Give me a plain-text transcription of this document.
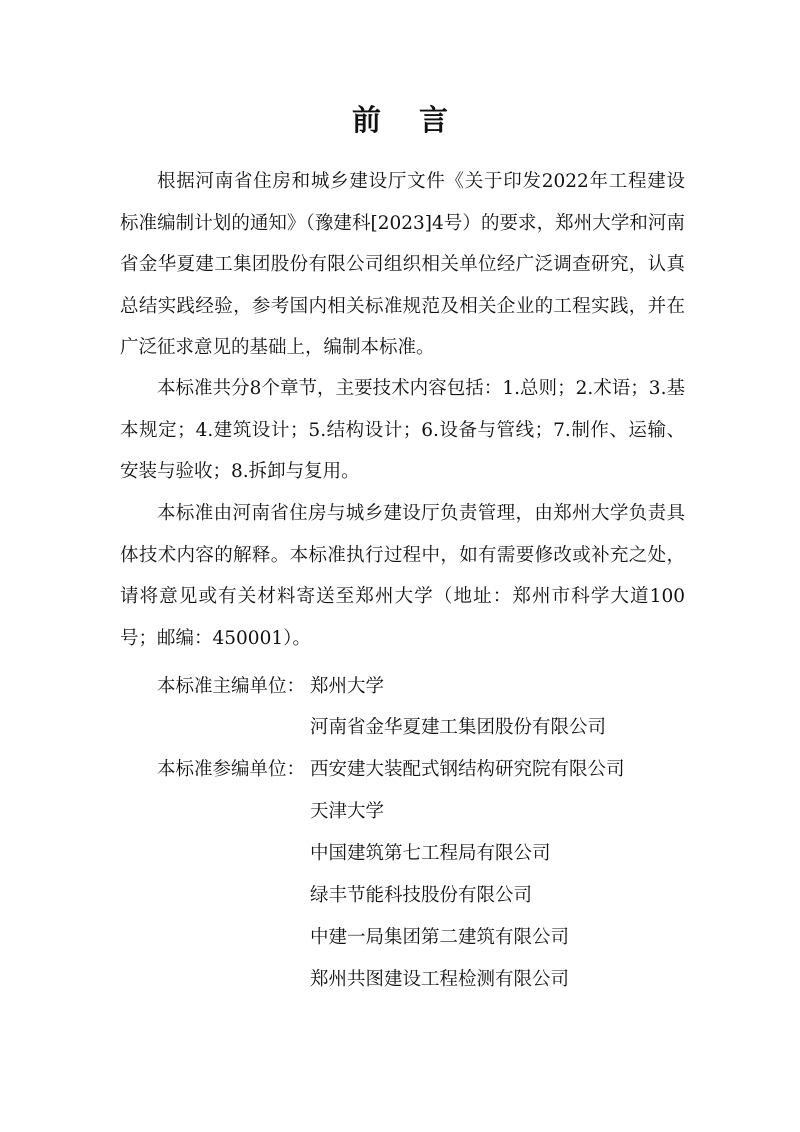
前 言

根据河南省住房和城乡建设厅文件《关于印发2022年工程建设标准编制计划的通知》（豫建科[2023]4号）的要求，郑州大学和河南省金华夏建工集团股份有限公司组织相关单位经广泛调查研究，认真总结实践经验，参考国内相关标准规范及相关企业的工程实践，并在广泛征求意见的基础上，编制本标准。

本标准共分8个章节，主要技术内容包括：1.总则；2.术语；3.基本规定；4.建筑设计；5.结构设计；6.设备与管线；7.制作、运输、安装与验收；8.拆卸与复用。

本标准由河南省住房与城乡建设厅负责管理，由郑州大学负责具体技术内容的解释。本标准执行过程中，如有需要修改或补充之处，请将意见或有关材料寄送至郑州大学（地址：郑州市科学大道100号；邮编：450001）。

本标准主编单位： 郑州大学
河南省金华夏建工集团股份有限公司
本标准参编单位： 西安建大装配式钢结构研究院有限公司
天津大学
中国建筑第七工程局有限公司
绿丰节能科技股份有限公司
中建一局集团第二建筑有限公司
郑州共图建设工程检测有限公司
